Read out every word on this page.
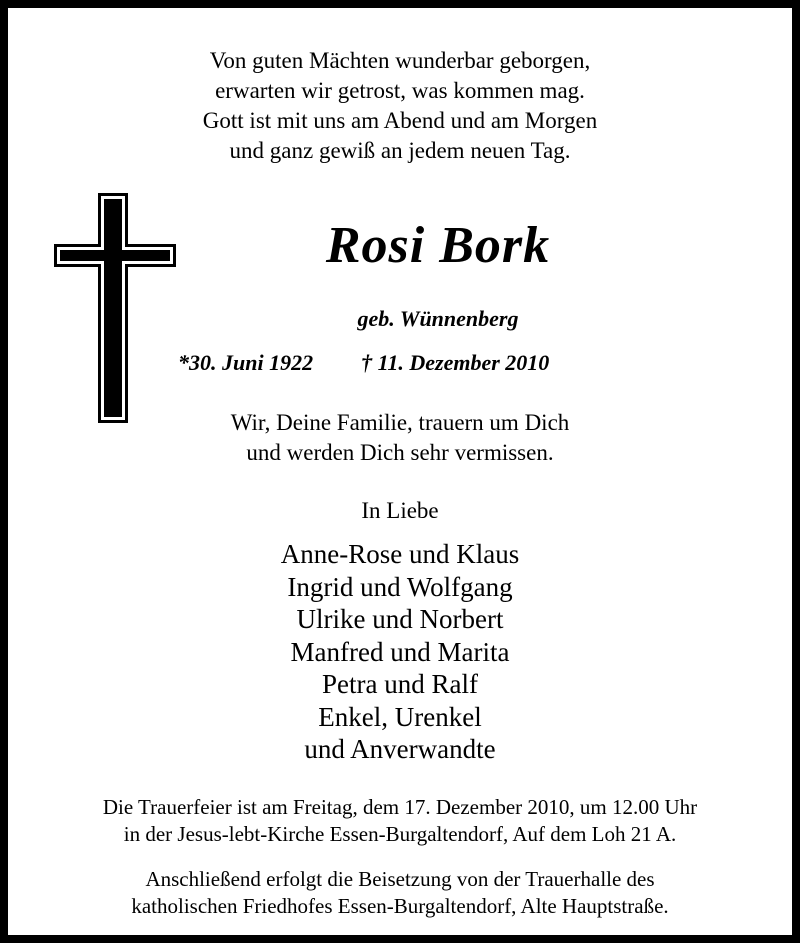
Von guten Mächten wunderbar geborgen,
erwarten wir getrost, was kommen mag.
Gott ist mit uns am Abend und am Morgen
und ganz gewiß an jedem neuen Tag.
Rosi Bork
geb. Wünnenberg
*30. Juni 1922 † 11. Dezember 2010
Wir, Deine Familie, trauern um Dich
und werden Dich sehr vermissen.
In Liebe
Anne-Rose und Klaus
Ingrid und Wolfgang
Ulrike und Norbert
Manfred und Marita
Petra und Ralf
Enkel, Urenkel
und Anverwandte
Die Trauerfeier ist am Freitag, dem 17. Dezember 2010, um 12.00 Uhr
in der Jesus-lebt-Kirche Essen-Burgaltendorf, Auf dem Loh 21 A.
Anschließend erfolgt die Beisetzung von der Trauerhalle des
katholischen Friedhofes Essen-Burgaltendorf, Alte Hauptstraße.
